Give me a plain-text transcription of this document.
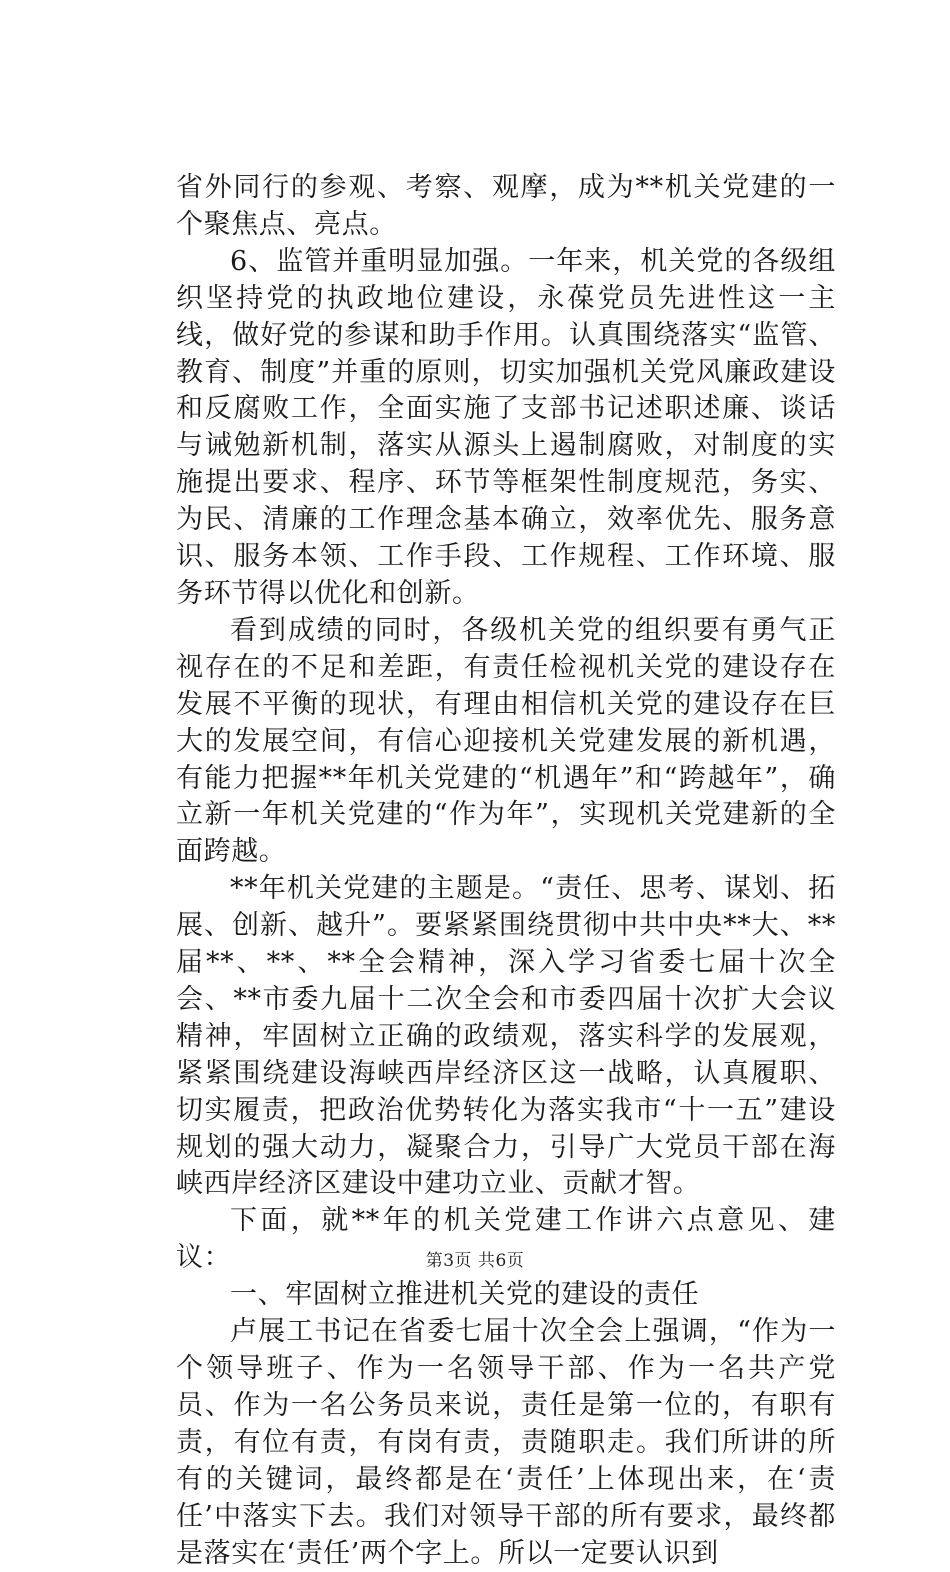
省外同行的参观、考察、观摩，成为**机关党建的一个聚焦点、亮点。

6、监管并重明显加强。一年来，机关党的各级组织坚持党的执政地位建设，永葆党员先进性这一主线，做好党的参谋和助手作用。认真围绕落实“监管、教育、制度”并重的原则，切实加强机关党风廉政建设和反腐败工作，全面实施了支部书记述职述廉、谈话与诫勉新机制，落实从源头上遏制腐败，对制度的实施提出要求、程序、环节等框架性制度规范，务实、为民、清廉的工作理念基本确立，效率优先、服务意识、服务本领、工作手段、工作规程、工作环境、服务环节得以优化和创新。

看到成绩的同时，各级机关党的组织要有勇气正视存在的不足和差距，有责任检视机关党的建设存在发展不平衡的现状，有理由相信机关党的建设存在巨大的发展空间，有信心迎接机关党建发展的新机遇，有能力把握**年机关党建的“机遇年”和“跨越年”，确立新一年机关党建的“作为年”，实现机关党建新的全面跨越。

**年机关党建的主题是。“责任、思考、谋划、拓展、创新、越升”。要紧紧围绕贯彻中共中央**大、**届**、**、**全会精神，深入学习省委七届十次全会、**市委九届十二次全会和市委四届十次扩大会议精神，牢固树立正确的政绩观，落实科学的发展观，紧紧围绕建设海峡西岸经济区这一战略，认真履职、切实履责，把政治优势转化为落实我市“十一五”建设规划的强大动力，凝聚合力，引导广大党员干部在海峡西岸经济区建设中建功立业、贡献才智。

下面，就**年的机关党建工作讲六点意见、建议：

一、牢固树立推进机关党的建设的责任

卢展工书记在省委七届十次全会上强调，“作为一个领导班子、作为一名领导干部、作为一名共产党员、作为一名公务员来说，责任是第一位的，有职有责，有位有责，有岗有责，责随职走。我们所讲的所有的关键词，最终都是在‘责任’上体现出来，在‘责任’中落实下去。我们对领导干部的所有要求，最终都是落实在‘责任’两个字上。所以一定要认识到

第3页 共6页
